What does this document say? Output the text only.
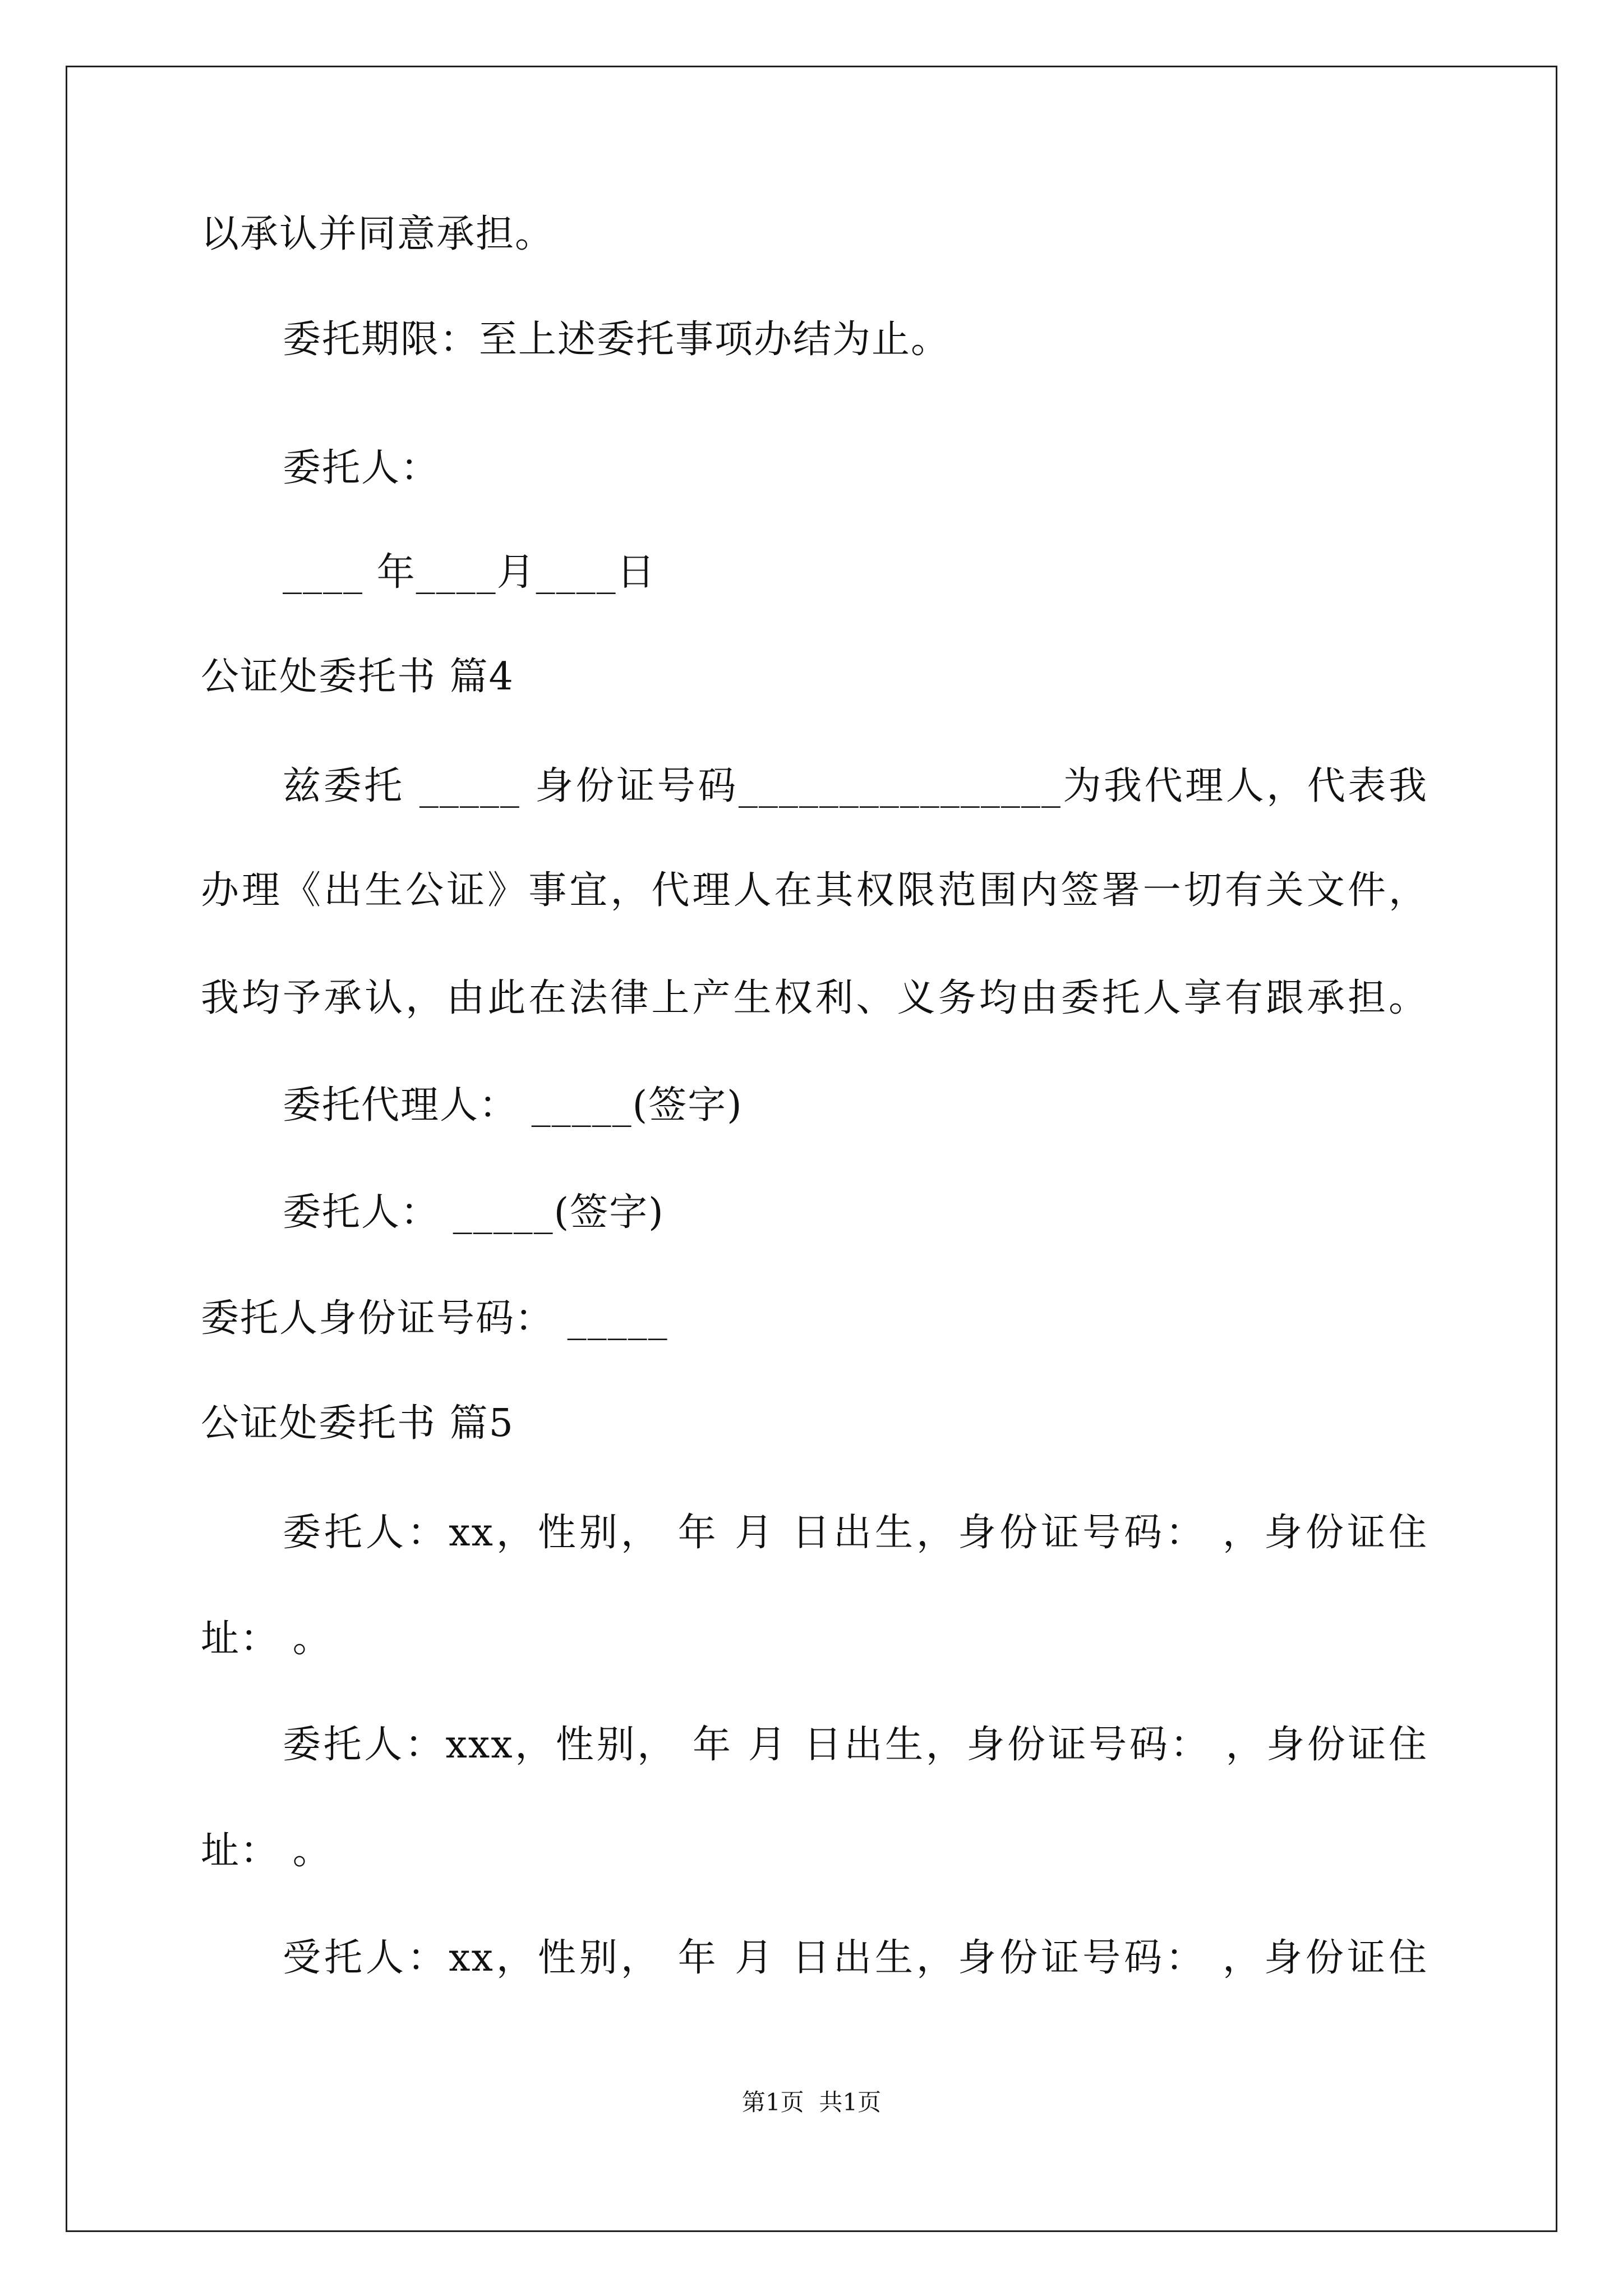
以承认并同意承担。
委托期限：至上述委托事项办结为止。
委托人：
____ 年____月____日
公证处委托书 篇4
兹委托 _____ 身份证号码________________为我代理人，代表我
办理《出生公证》事宜，代理人在其权限范围内签署一切有关文件，
我均予承认，由此在法律上产生权利、义务均由委托人享有跟承担。
委托代理人： _____(签字)
委托人： _____(签字)
委托人身份证号码： _____
公证处委托书 篇5
委托人：xx，性别， 年 月 日出生，身份证号码： ，身份证住
址： 。
委托人：xxx，性别， 年 月 日出生，身份证号码： ，身份证住
址： 。
受托人：xx，性别， 年 月 日出生，身份证号码： ，身份证住
第1页  共1页
